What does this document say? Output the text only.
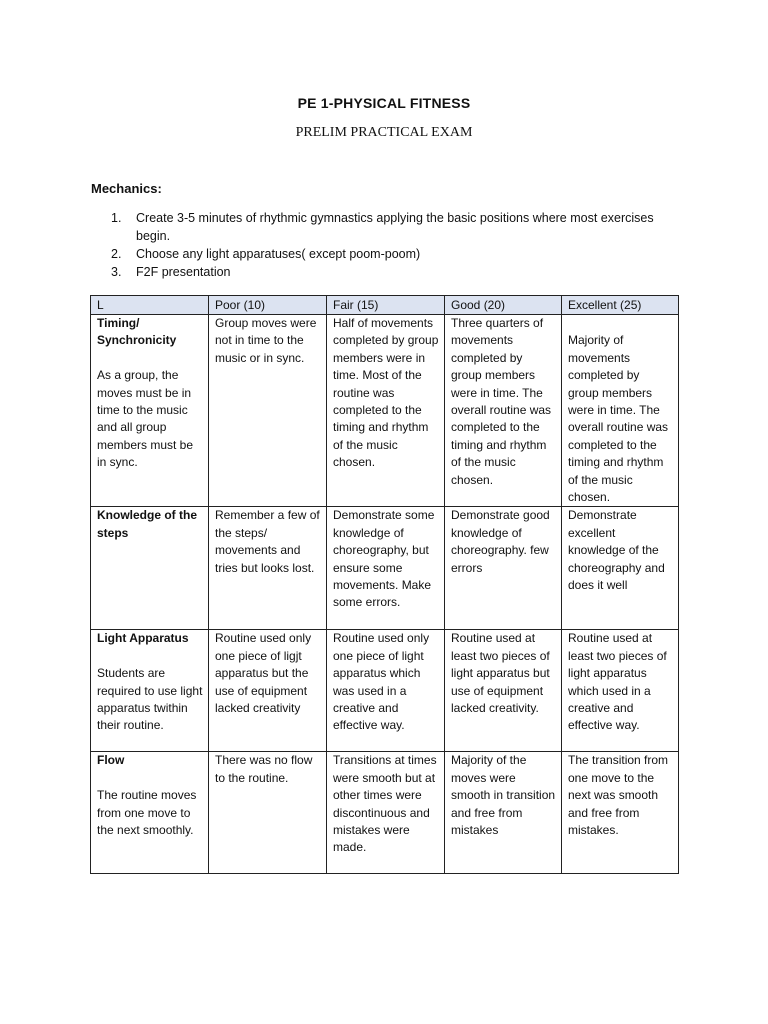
PE 1-PHYSICAL FITNESS
PRELIM PRACTICAL EXAM
Mechanics:
1. Create 3-5 minutes of rhythmic gymnastics applying the basic positions where most exercises begin.
2. Choose any light apparatuses( except poom-poom)
3. F2F presentation
L	Poor (10)	Fair (15)	Good (20)	Excellent (25)

Timing/ Synchronicity
As a group, the moves must be in time to the music and all group members must be in sync.	Group moves were not in time to the music or in sync.	Half of movements completed by group members were in time. Most of the routine was completed to the timing and rhythm of the music chosen.	Three quarters of movements completed by group members were in time. The overall routine was completed to the timing and rhythm of the music chosen.	Majority of movements completed by group members were in time. The overall routine was completed to the timing and rhythm of the music chosen.

Knowledge of the steps	Remember a few of the steps/ movements and tries but looks lost.	Demonstrate some knowledge of choreography, but ensure some movements. Make some errors.	Demonstrate good knowledge of choreography. few errors	Demonstrate excellent knowledge of the choreography and does it well

Light Apparatus
Students are required to use light apparatus twithin their routine.	Routine used only one piece of ligjt apparatus but the use of equipment lacked creativity	Routine used only one piece of light apparatus which was used in a creative and effective way.	Routine used at least two pieces of light apparatus but use of equipment lacked creativity.	Routine used at least two pieces of light apparatus which used in a creative and effective way.

Flow
The routine moves from one move to the next smoothly.	There was no flow to the routine.	Transitions at times were smooth but at other times were discontinuous and mistakes were made.	Majority of the moves were smooth in transition and free from mistakes	The transition from one move to the next was smooth and free from mistakes.
